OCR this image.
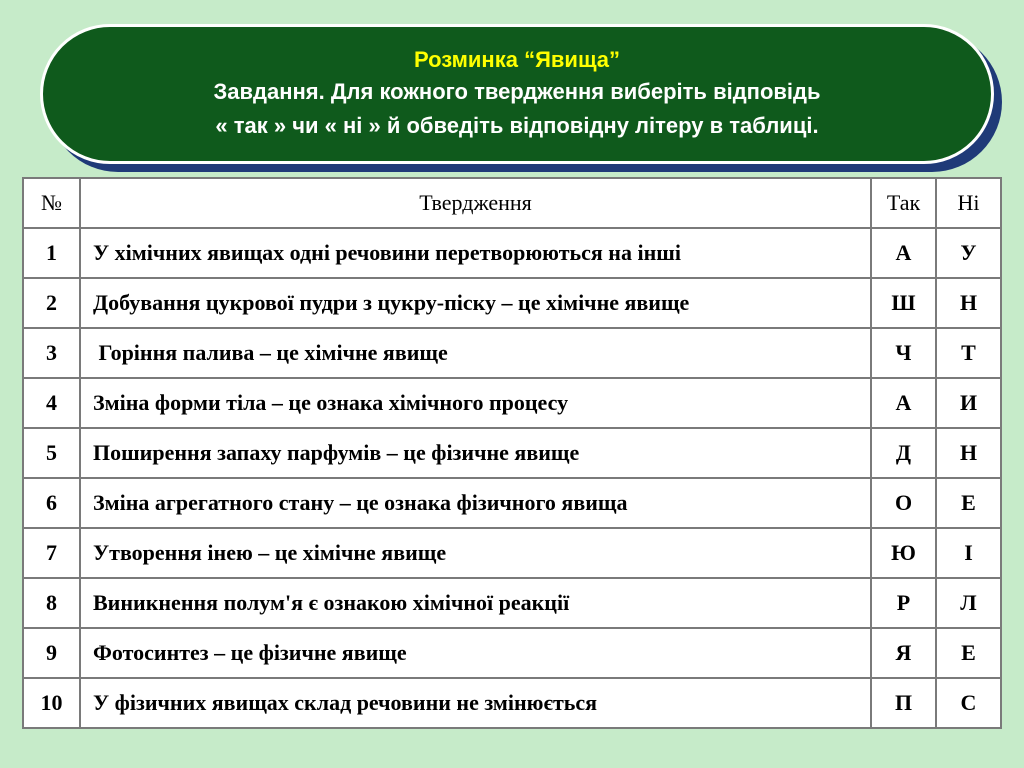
Розминка “Явища”
Завдання. Для кожного твердження виберіть відповідь
« так » чи « ні » й обведіть відповідну літеру в таблиці.
№	Твердження	Так	Ні
1	У хімічних явищах одні речовини перетворюються на інші	А	У
2	Добування цукрової пудри з цукру-піску – це хімічне явище	Ш	Н
3	Горіння палива – це хімічне явище	Ч	Т
4	Зміна форми тіла – це ознака хімічного процесу	А	И
5	Поширення запаху парфумів – це фізичне явище	Д	Н
6	Зміна агрегатного стану – це ознака фізичного явища	О	Е
7	Утворення інею – це хімічне явище	Ю	І
8	Виникнення полум'я є ознакою хімічної реакції	Р	Л
9	Фотосинтез – це фізичне явище	Я	Е
10	У фізичних явищах склад речовини не змінюється	П	С
